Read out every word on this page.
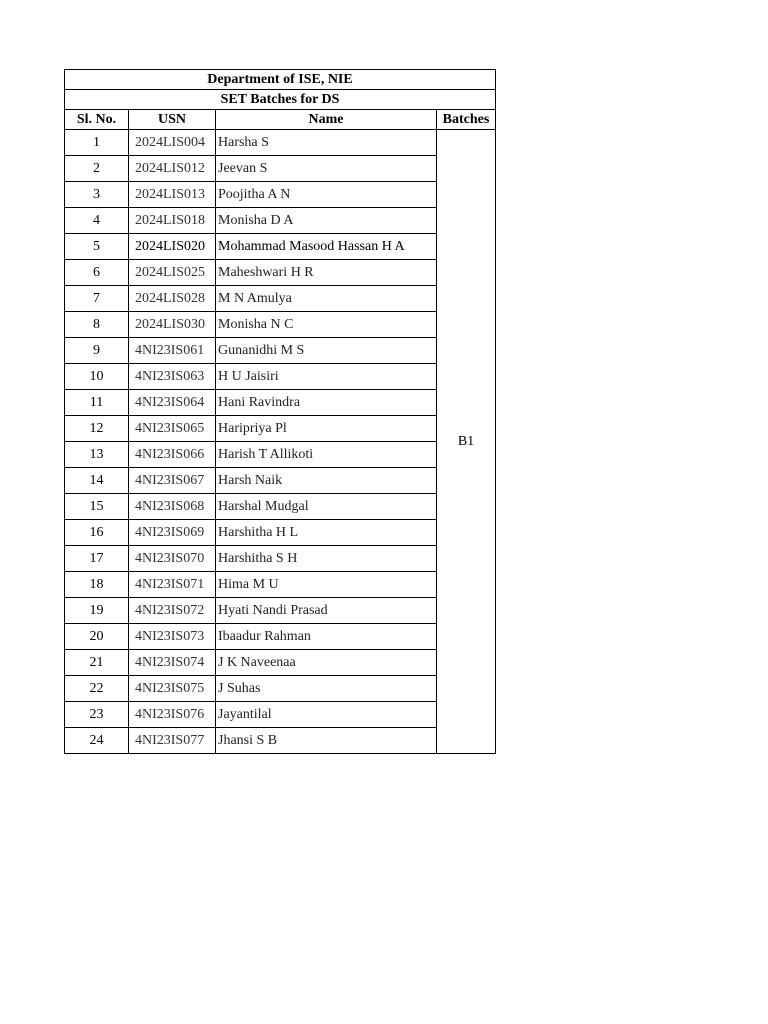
Department of ISE, NIE			
SET Batches for DS			
Sl. No.	USN	Name	Batches
1	2024LIS004	Harsha S	B1
2	2024LIS012	Jeevan S	
3	2024LIS013	Poojitha A N	
4	2024LIS018	Monisha D A	
5	2024LIS020	Mohammad Masood Hassan H A	
6	2024LIS025	Maheshwari H R	
7	2024LIS028	M N Amulya	
8	2024LIS030	Monisha N C	
9	4NI23IS061	Gunanidhi M S	
10	4NI23IS063	H U Jaisiri	
11	4NI23IS064	Hani Ravindra	
12	4NI23IS065	Haripriya Pl	
13	4NI23IS066	Harish T Allikoti	
14	4NI23IS067	Harsh Naik	
15	4NI23IS068	Harshal Mudgal	
16	4NI23IS069	Harshitha H L	
17	4NI23IS070	Harshitha S H	
18	4NI23IS071	Hima M U	
19	4NI23IS072	Hyati Nandi Prasad	
20	4NI23IS073	Ibaadur Rahman	
21	4NI23IS074	J K Naveenaa	
22	4NI23IS075	J Suhas	
23	4NI23IS076	Jayantilal	
24	4NI23IS077	Jhansi S B	
